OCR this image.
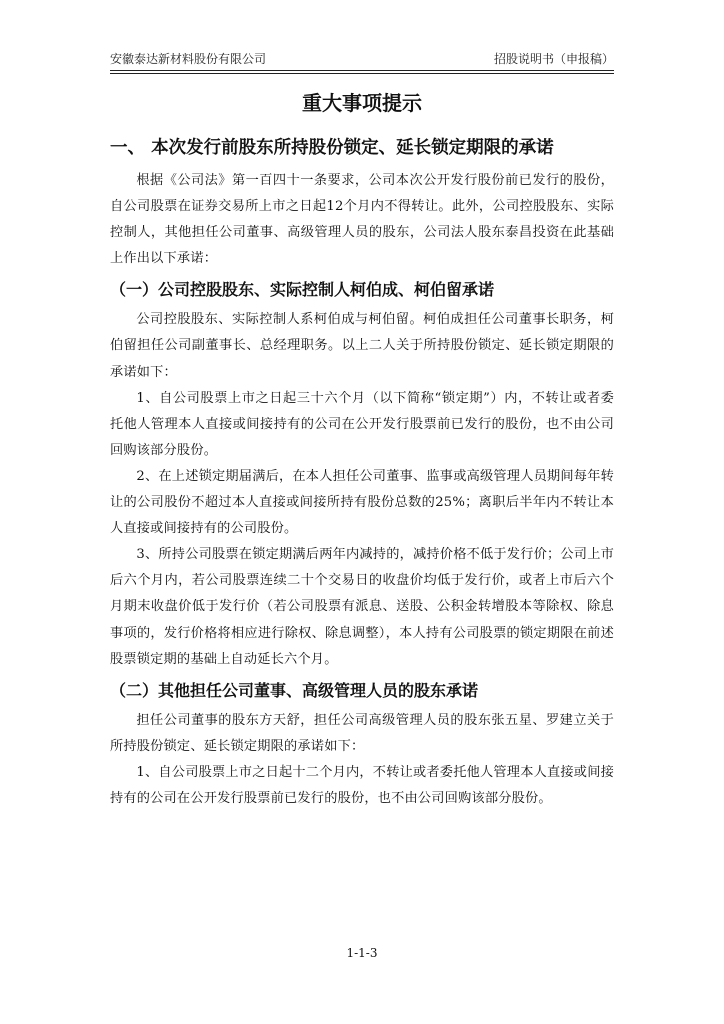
安徽泰达新材料股份有限公司	招股说明书（申报稿）
重大事项提示
一、 本次发行前股东所持股份锁定、延长锁定期限的承诺

根据《公司法》第一百四十一条要求，公司本次公开发行股份前已发行的股份，自公司股票在证券交易所上市之日起12个月内不得转让。此外，公司控股股东、实际控制人，其他担任公司董事、高级管理人员的股东，公司法人股东泰昌投资在此基础上作出以下承诺：

（一）公司控股股东、实际控制人柯伯成、柯伯留承诺

公司控股股东、实际控制人系柯伯成与柯伯留。柯伯成担任公司董事长职务，柯伯留担任公司副董事长、总经理职务。以上二人关于所持股份锁定、延长锁定期限的承诺如下：

1、自公司股票上市之日起三十六个月（以下简称“锁定期”）内，不转让或者委托他人管理本人直接或间接持有的公司在公开发行股票前已发行的股份，也不由公司回购该部分股份。

2、在上述锁定期届满后，在本人担任公司董事、监事或高级管理人员期间每年转让的公司股份不超过本人直接或间接所持有股份总数的25%；离职后半年内不转让本人直接或间接持有的公司股份。

3、所持公司股票在锁定期满后两年内减持的，减持价格不低于发行价；公司上市后六个月内，若公司股票连续二十个交易日的收盘价均低于发行价，或者上市后六个月期末收盘价低于发行价（若公司股票有派息、送股、公积金转增股本等除权、除息事项的，发行价格将相应进行除权、除息调整），本人持有公司股票的锁定期限在前述股票锁定期的基础上自动延长六个月。

（二）其他担任公司董事、高级管理人员的股东承诺

担任公司董事的股东方天舒，担任公司高级管理人员的股东张五星、罗建立关于所持股份锁定、延长锁定期限的承诺如下：

1、自公司股票上市之日起十二个月内，不转让或者委托他人管理本人直接或间接持有的公司在公开发行股票前已发行的股份，也不由公司回购该部分股份。

1-1-3
